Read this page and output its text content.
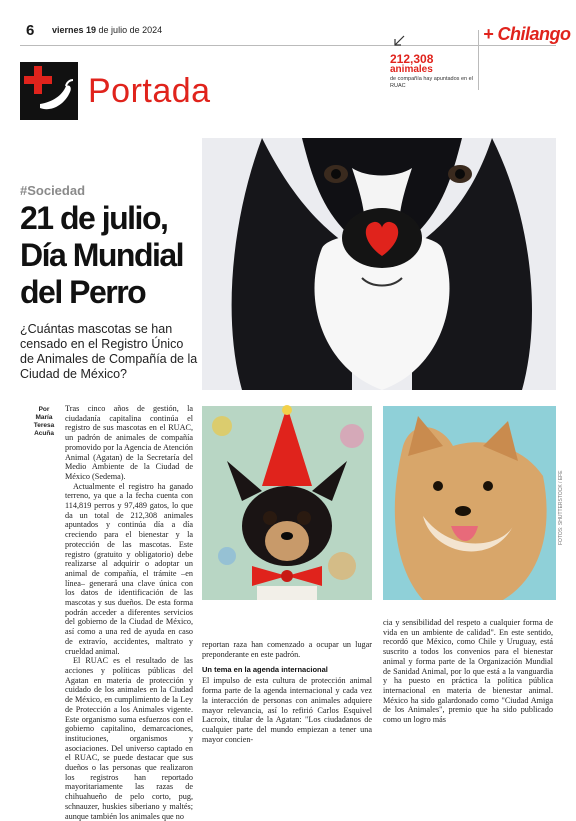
6 viernes 19 de julio de 2024
212,308
animales
de compañía hay apuntados en el RUAC
+ Chilango
Portada
#Sociedad
21 de julio,
Día Mundial
del Perro
¿Cuántas mascotas se han censado en el Registro Único de Animales de Compañía de la Ciudad de México?
Por
María
Teresa
Acuña

Tras cinco años de gestión, la ciudadanía capitalina continúa el registro de sus mascotas en el RUAC, un padrón de animales de compañía promovido por la Agencia de Atención Animal (Agatan) de la Secretaría del Medio Ambiente de la Ciudad de México (Sedema).

Actualmente el registro ha ganado terreno, ya que a la fecha cuenta con 114,819 perros y 97,489 gatos, lo que da un total de 212,308 animales apuntados y continúa día a día creciendo para el bienestar y la protección de las mascotas. Este registro (gratuito y obligatorio) debe realizarse al adquirir o adoptar un animal de compañía, el trámite –en línea– generará una clave única con los datos de identificación de las mascotas y sus dueños. De esta forma podrán acceder a diferentes servicios del gobierno de la Ciudad de México, así como a una red de ayuda en caso de extravío, accidentes, maltrato y crueldad animal.

El RUAC es el resultado de las acciones y políticas públicas del Agatan en materia de protección y cuidado de los animales en la Ciudad de México, en cumplimiento de la Ley de Protección a los Animales vigente. Este organismo suma esfuerzos con el gobierno capitalino, demarcaciones, instituciones, organismos y asociaciones. Del universo captado en el RUAC, se puede destacar que sus dueños o las personas que realizaron los registros han reportado mayoritariamente las razas de chihuahueño de pelo corto, pug, schnauzer, huskies siberiano y maltés; aunque también los animales que no

FOTOS: SHUTTERSTOCK / EFE

reportan raza han comenzado a ocupar un lugar preponderante en este padrón.

Un tema en la agenda internacional

El impulso de esta cultura de protección animal forma parte de la agenda internacional y cada vez la interacción de personas con animales adquiere mayor relevancia, así lo refirió Carlos Esquivel Lacroix, titular de la Agatan: "Los ciudadanos de cualquier parte del mundo empiezan a tener una mayor concien-

cia y sensibilidad del respeto a cualquier forma de vida en un ambiente de calidad". En este sentido, recordó que México, como Chile y Uruguay, está suscrito a todos los convenios para el bienestar animal y forma parte de la Organización Mundial de Sanidad Animal, por lo que está a la vanguardia y ha puesto en práctica la política pública internacional en materia de bienestar animal. México ha sido galardonado como "Ciudad Amiga de los Animales", premio que ha sido publicado como un logro más
